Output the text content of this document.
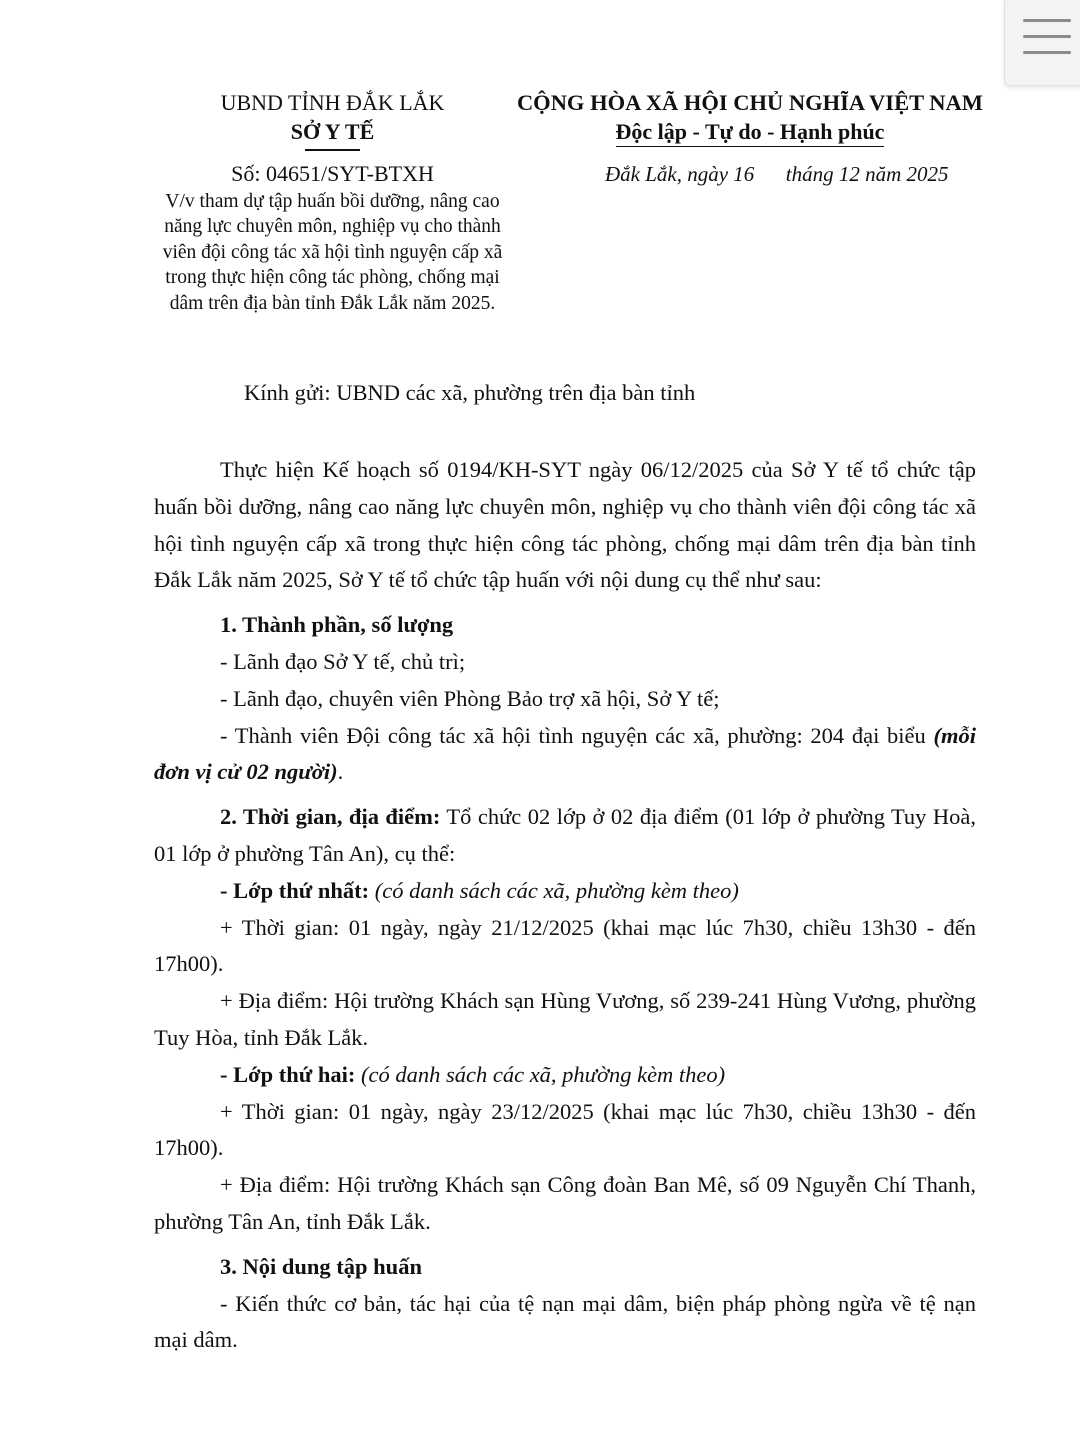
UBND TỈNH ĐẮK LẮK
SỞ Y TẾ
Số: 04651/SYT-BTXH
V/v tham dự tập huấn bồi dưỡng, nâng cao
năng lực chuyên môn, nghiệp vụ cho thành
viên đội công tác xã hội tình nguyện cấp xã
trong thực hiện công tác phòng, chống mại
dâm trên địa bàn tỉnh Đắk Lắk năm 2025.
CỘNG HÒA XÃ HỘI CHỦ NGHĨA VIỆT NAM
Độc lập - Tự do - Hạnh phúc
Đắk Lắk, ngày 16      tháng 12 năm 2025
Kính gửi: UBND các xã, phường trên địa bàn tỉnh

Thực hiện Kế hoạch số 0194/KH-SYT ngày 06/12/2025 của Sở Y tế tổ chức tập huấn bồi dưỡng, nâng cao năng lực chuyên môn, nghiệp vụ cho thành viên đội công tác xã hội tình nguyện cấp xã trong thực hiện công tác phòng, chống mại dâm trên địa bàn tỉnh Đắk Lắk năm 2025, Sở Y tế tổ chức tập huấn với nội dung cụ thể như sau:

1. Thành phần, số lượng

- Lãnh đạo Sở Y tế, chủ trì;

- Lãnh đạo, chuyên viên Phòng Bảo trợ xã hội, Sở Y tế;

- Thành viên Đội công tác xã hội tình nguyện các xã, phường: 204 đại biểu (mỗi đơn vị cử 02 người).

2. Thời gian, địa điểm: Tổ chức 02 lớp ở 02 địa điểm (01 lớp ở phường Tuy Hoà, 01 lớp ở phường Tân An), cụ thể:

- Lớp thứ nhất: (có danh sách các xã, phường kèm theo)

+ Thời gian: 01 ngày, ngày 21/12/2025 (khai mạc lúc 7h30, chiều 13h30 - đến 17h00).

+ Địa điểm: Hội trường Khách sạn Hùng Vương, số 239-241 Hùng Vương, phường Tuy Hòa, tỉnh Đắk Lắk.

- Lớp thứ hai: (có danh sách các xã, phường kèm theo)

+ Thời gian: 01 ngày, ngày 23/12/2025 (khai mạc lúc 7h30, chiều 13h30 - đến 17h00).

+ Địa điểm: Hội trường Khách sạn Công đoàn Ban Mê, số 09 Nguyễn Chí Thanh, phường Tân An, tỉnh Đắk Lắk.

3. Nội dung tập huấn

- Kiến thức cơ bản, tác hại của tệ nạn mại dâm, biện pháp phòng ngừa về tệ nạn mại dâm.
